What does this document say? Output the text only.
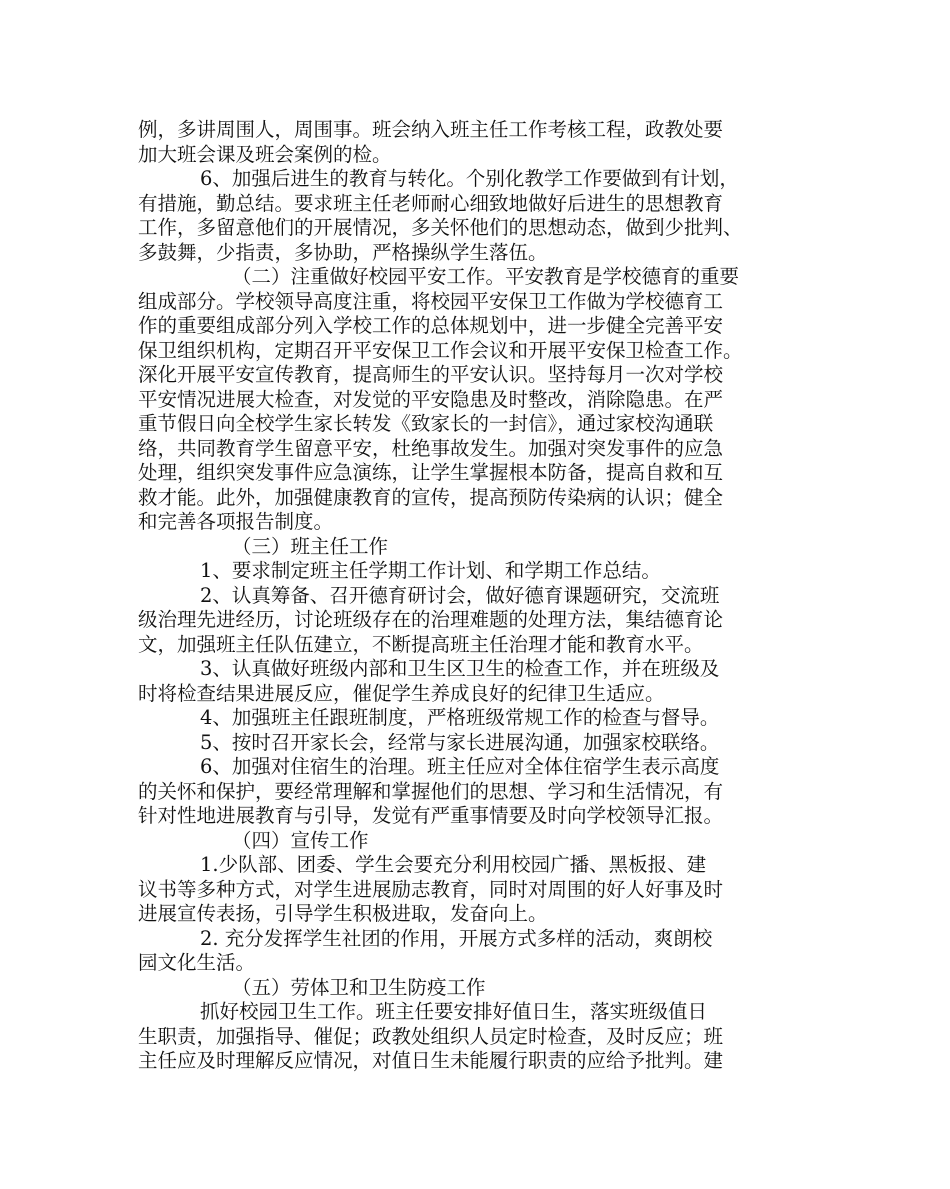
例，多讲周围人，周围事。班会纳入班主任工作考核工程，政教处要
加大班会课及班会案例的检。
6、加强后进生的教育与转化。个别化教学工作要做到有计划，
有措施，勤总结。要求班主任老师耐心细致地做好后进生的思想教育
工作，多留意他们的开展情况，多关怀他们的思想动态，做到少批判、
多鼓舞，少指责，多协助，严格操纵学生落伍。
（二）注重做好校园平安工作。平安教育是学校德育的重要
组成部分。学校领导高度注重，将校园平安保卫工作做为学校德育工
作的重要组成部分列入学校工作的总体规划中，进一步健全完善平安
保卫组织机构，定期召开平安保卫工作会议和开展平安保卫检查工作。
深化开展平安宣传教育，提高师生的平安认识。坚持每月一次对学校
平安情况进展大检查，对发觉的平安隐患及时整改，消除隐患。在严
重节假日向全校学生家长转发《致家长的一封信》，通过家校沟通联
络，共同教育学生留意平安，杜绝事故发生。加强对突发事件的应急
处理，组织突发事件应急演练，让学生掌握根本防备，提高自救和互
救才能。此外，加强健康教育的宣传，提高预防传染病的认识；健全
和完善各项报告制度。
（三）班主任工作
1、要求制定班主任学期工作计划、和学期工作总结。
2、认真筹备、召开德育研讨会，做好德育课题研究，交流班
级治理先进经历，讨论班级存在的治理难题的处理方法，集结德育论
文，加强班主任队伍建立，不断提高班主任治理才能和教育水平。
3、认真做好班级内部和卫生区卫生的检查工作，并在班级及
时将检查结果进展反应，催促学生养成良好的纪律卫生适应。
4、加强班主任跟班制度，严格班级常规工作的检查与督导。
5、按时召开家长会，经常与家长进展沟通，加强家校联络。
6、加强对住宿生的治理。班主任应对全体住宿学生表示高度
的关怀和保护，要经常理解和掌握他们的思想、学习和生活情况，有
针对性地进展教育与引导，发觉有严重事情要及时向学校领导汇报。
（四）宣传工作
1.少队部、团委、学生会要充分利用校园广播、黑板报、建
议书等多种方式，对学生进展励志教育，同时对周围的好人好事及时
进展宣传表扬，引导学生积极进取，发奋向上。
2. 充分发挥学生社团的作用，开展方式多样的活动，爽朗校
园文化生活。
（五）劳体卫和卫生防疫工作
抓好校园卫生工作。班主任要安排好值日生，落实班级值日
生职责，加强指导、催促；政教处组织人员定时检查，及时反应；班
主任应及时理解反应情况，对值日生未能履行职责的应给予批判。建
